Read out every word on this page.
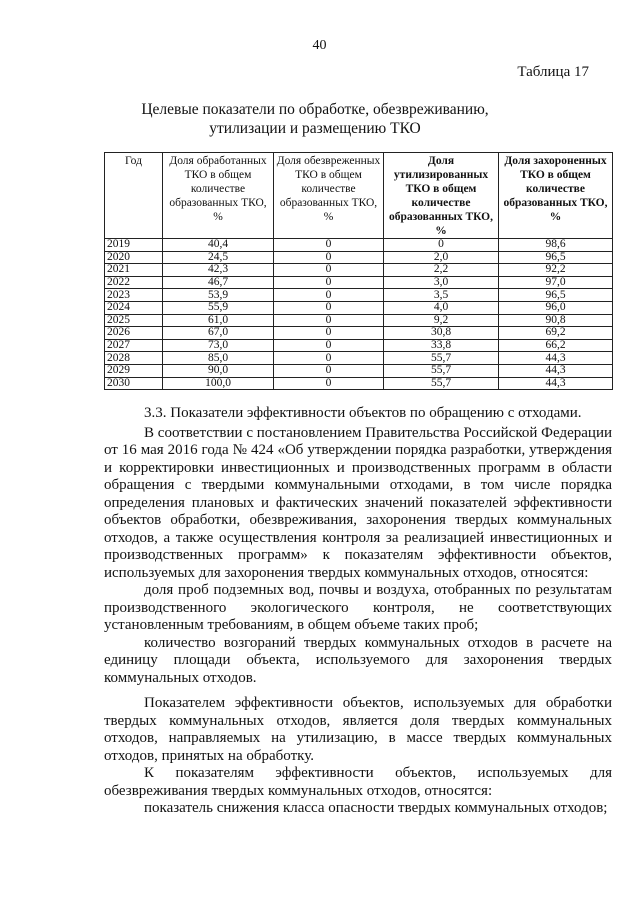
40
Таблица 17
Целевые показатели по обработке, обезвреживанию,
утилизации и размещению ТКО
Год	Доля обработанных ТКО в общем количестве образованных ТКО, %	Доля обезвреженных ТКО в общем количестве образованных ТКО, %	Доля утилизированных ТКО в общем количестве образованных ТКО, %	Доля захороненных ТКО в общем количестве образованных ТКО, %
2019	40,4	0	0	98,6
2020	24,5	0	2,0	96,5
2021	42,3	0	2,2	92,2
2022	46,7	0	3,0	97,0
2023	53,9	0	3,5	96,5
2024	55,9	0	4,0	96,0
2025	61,0	0	9,2	90,8
2026	67,0	0	30,8	69,2
2027	73,0	0	33,8	66,2
2028	85,0	0	55,7	44,3
2029	90,0	0	55,7	44,3
2030	100,0	0	55,7	44,3

3.3. Показатели эффективности объектов по обращению с отходами.

В соответствии с постановлением Правительства Российской Федерации от 16 мая 2016 года № 424 «Об утверждении порядка разработки, утверждения и корректировки инвестиционных и производственных программ в области обращения с твердыми коммунальными отходами, в том числе порядка определения плановых и фактических значений показателей эффективности объектов обработки, обезвреживания, захоронения твердых коммунальных отходов, а также осуществления контроля за реализацией инвестиционных и производственных программ» к показателям эффективности объектов, используемых для захоронения твердых коммунальных отходов, относятся:

доля проб подземных вод, почвы и воздуха, отобранных по результатам производственного экологического контроля, не соответствующих установленным требованиям, в общем объеме таких проб;

количество возгораний твердых коммунальных отходов в расчете на единицу площади объекта, используемого для захоронения твердых коммунальных отходов.

Показателем эффективности объектов, используемых для обработки твердых коммунальных отходов, является доля твердых коммунальных отходов, направляемых на утилизацию, в массе твердых коммунальных отходов, принятых на обработку.

К показателям эффективности объектов, используемых для обезвреживания твердых коммунальных отходов, относятся:

показатель снижения класса опасности твердых коммунальных отходов;
